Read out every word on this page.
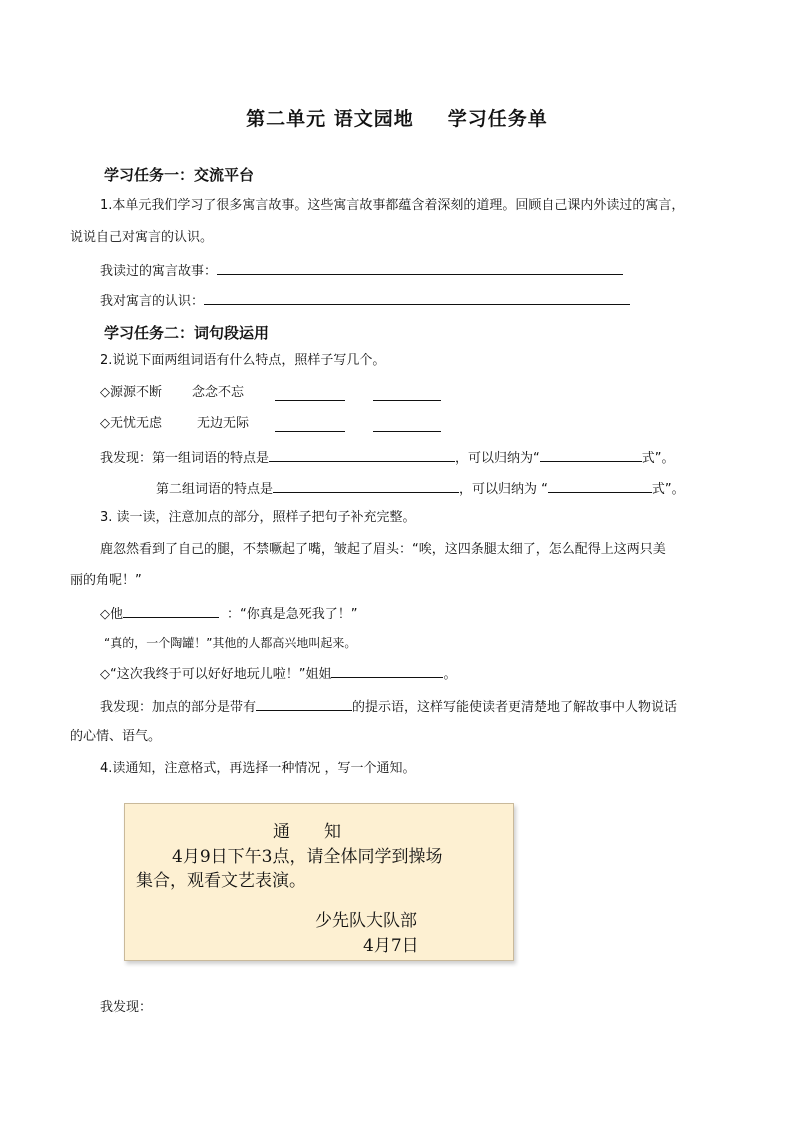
第二单元 语文园地 学习任务单
学习任务一：交流平台
1.本单元我们学习了很多寓言故事。这些寓言故事都蕴含着深刻的道理。回顾自己课内外读过的寓言，
说说自己对寓言的认识。
我读过的寓言故事：
我对寓言的认识：
学习任务二：词句段运用
2.说说下面两组词语有什么特点，照样子写几个。
◇源源不断 念念不忘
◇无忧无虑	无边无际
我发现：第一组词语的特点是	，可以归纳为“	式”。
第二组词语的特点是	，可以归纳为 “	式”。
3. 读一读，注意加点的部分，照样子把句子补充完整。
鹿忽然看到了自己的腿，不禁噘起了嘴，皱起了眉头：“唉，这四条腿太细了，怎么配得上这两只美
丽的角呢！”
◇他	：“你真是急死我了！”
“真的，一个陶罐！”其他的人都高兴地叫起来。
◇“这次我终于可以好好地玩儿啦！”姐姐	。
我发现：加点的部分是带有	的提示语，这样写能使读者更清楚地了解故事中人物说话
的心情、语气。
4.读通知，注意格式，再选择一种情况 ，写一个通知。
通　　知
4月9日下午3点，请全体同学到操场
集合，观看文艺表演。
少先队大队部
4月7日
我发现：
